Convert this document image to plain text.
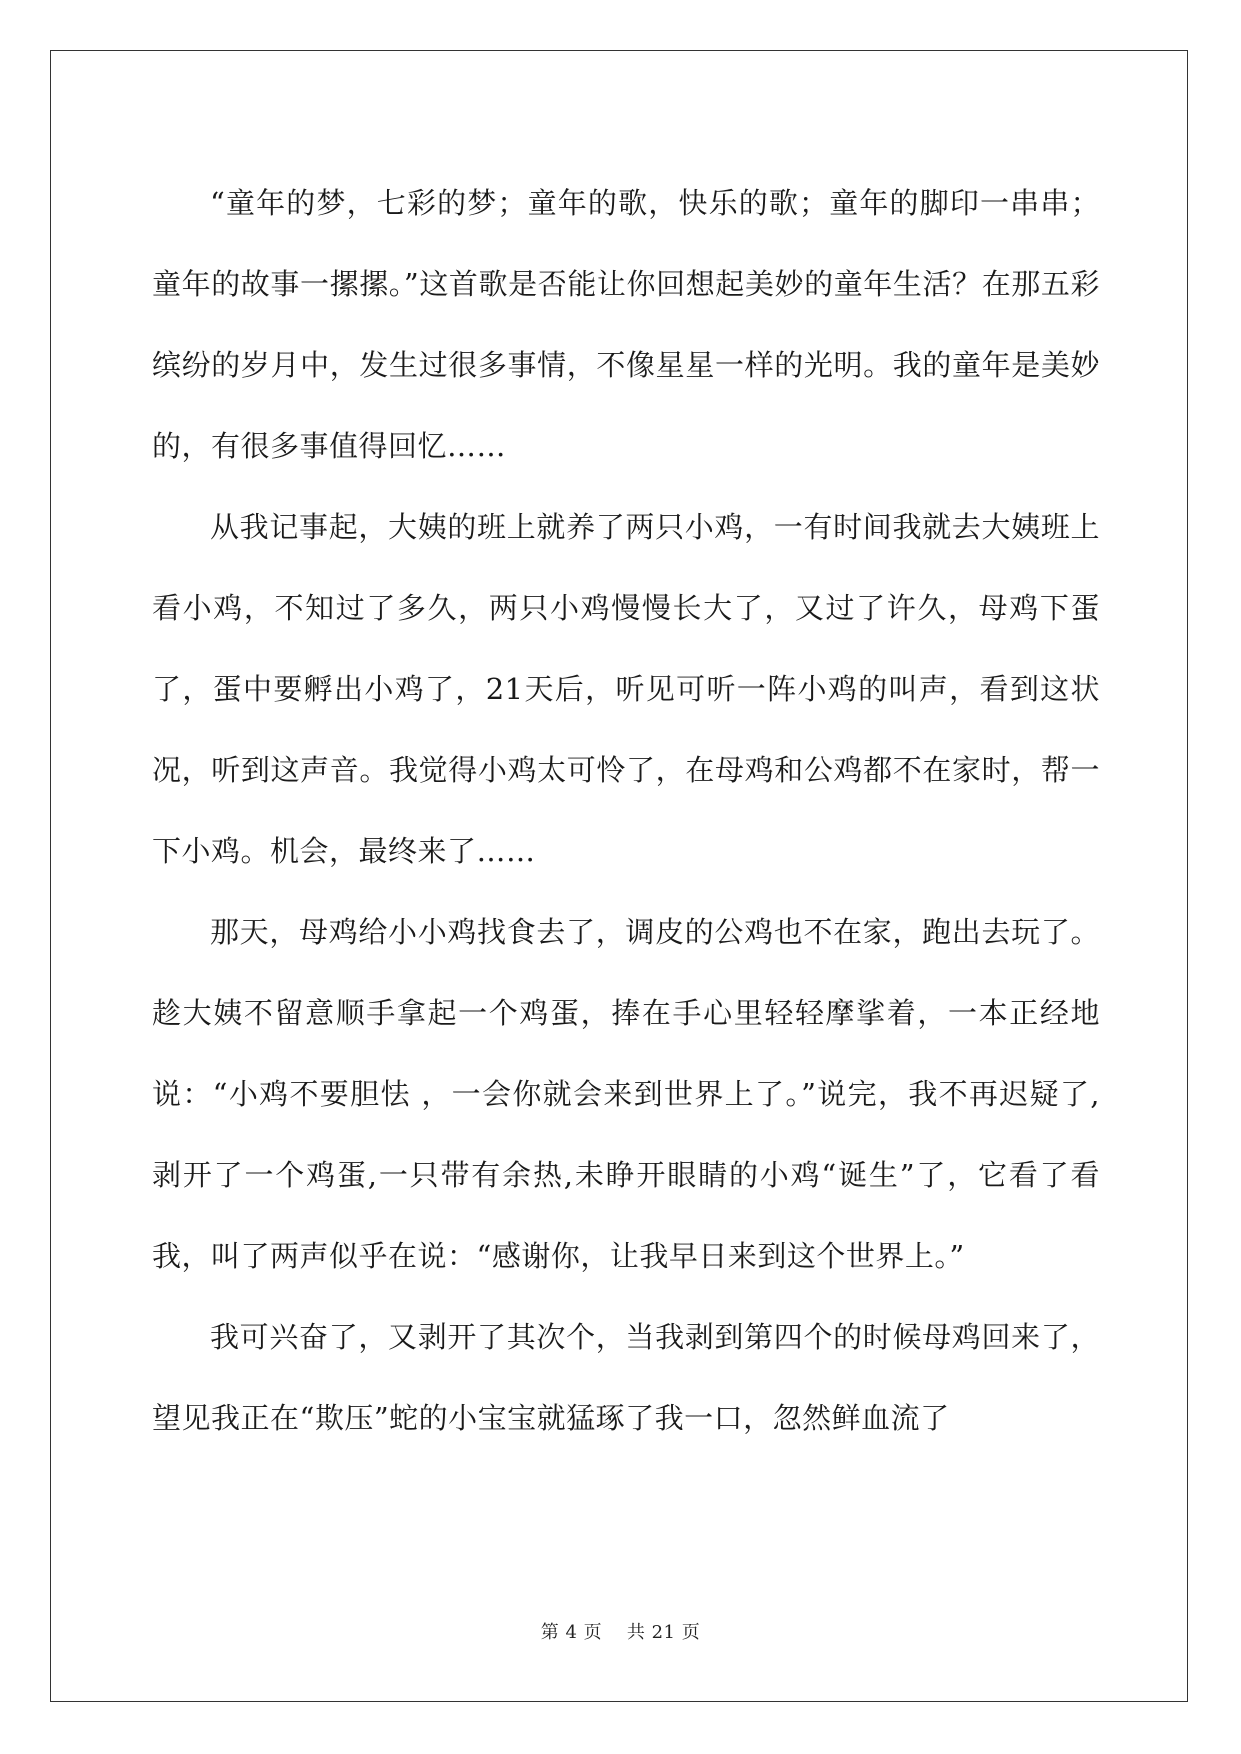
“童年的梦，七彩的梦；童年的歌，快乐的歌；童年的脚印一串串；童年的故事一摞摞。”这首歌是否能让你回想起美妙的童年生活？在那五彩缤纷的岁月中，发生过很多事情，不像星星一样的光明。我的童年是美妙的，有很多事值得回忆……

从我记事起，大姨的班上就养了两只小鸡，一有时间我就去大姨班上看小鸡，不知过了多久，两只小鸡慢慢长大了，又过了许久，母鸡下蛋了，蛋中要孵出小鸡了，21天后，听见可听一阵小鸡的叫声，看到这状况，听到这声音。我觉得小鸡太可怜了，在母鸡和公鸡都不在家时，帮一下小鸡。机会，最终来了……

那天，母鸡给小小鸡找食去了，调皮的公鸡也不在家，跑出去玩了。趁大姨不留意顺手拿起一个鸡蛋，捧在手心里轻轻摩挲着，一本正经地说：“小鸡不要胆怯 ，一会你就会来到世界上了。”说完，我不再迟疑了,剥开了一个鸡蛋,一只带有余热,未睁开眼睛的小鸡“诞生”了，它看了看我，叫了两声似乎在说：“感谢你，让我早日来到这个世界上。”

我可兴奋了，又剥开了其次个，当我剥到第四个的时候母鸡回来了，望见我正在“欺压”蛇的小宝宝就猛琢了我一口，忽然鲜血流了

第 4 页　 共 21 页
